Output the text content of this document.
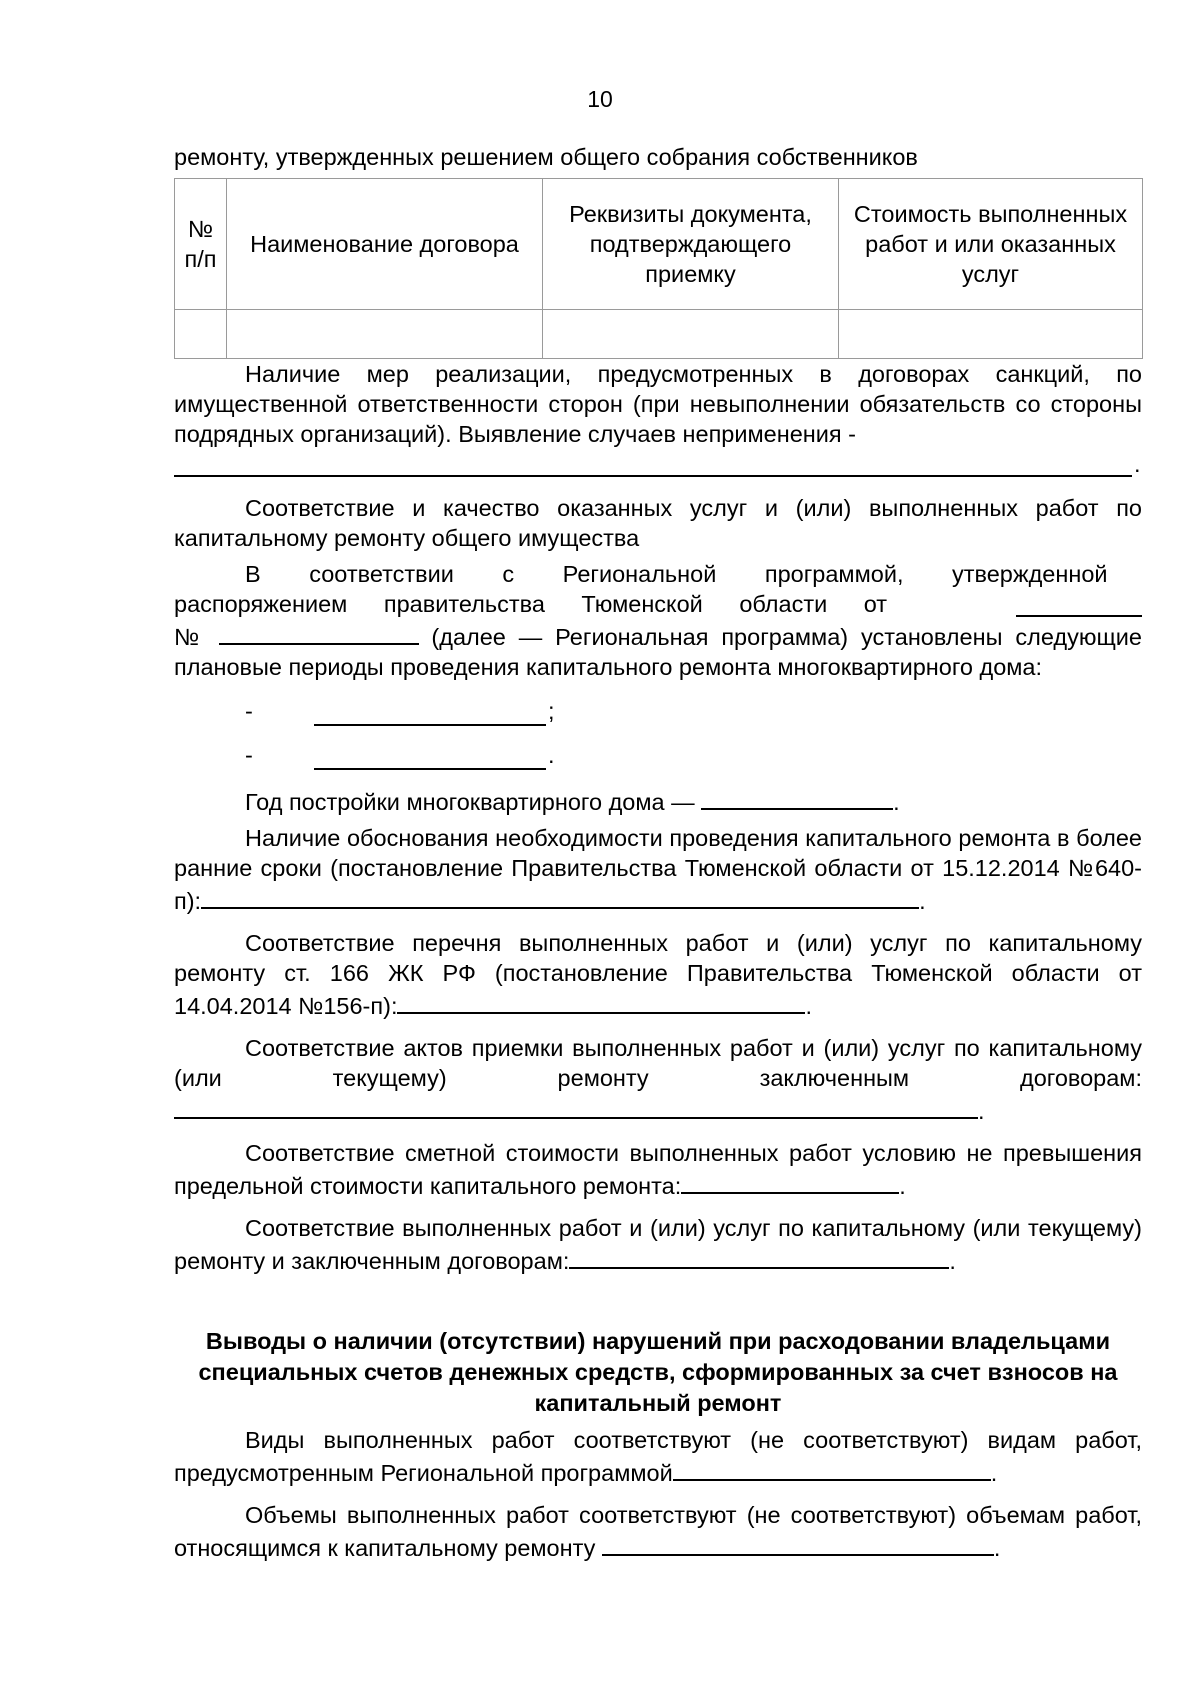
10

ремонту, утвержденных решением общего собрания собственников

№ п/п	Наименование договора	Реквизиты документа, подтверждающего приемку	Стоимость выполненных работ и или оказанных услуг

Наличие мер реализации, предусмотренных в договорах санкций, по имущественной ответственности сторон (при невыполнении обязательств со стороны подрядных организаций). Выявление случаев неприменения -

.

Соответствие и качество оказанных услуг и (или) выполненных работ по капитальному ремонту общего имущества

В соответствии с Региональной программой, утвержденной
распоряжением правительства Тюменской области от

№	(далее — Региональная программа) установлены следующие плановые периоды проведения капитального ремонта многоквартирного дома:

-	;
-	.

Год постройки многоквартирного дома —	.

Наличие обоснования необходимости проведения капитального ремонта в более ранние сроки (постановление Правительства Тюменской области от 15.12.2014 №640-п):	.

Соответствие перечня выполненных работ и (или) услуг по капитальному ремонту ст. 166 ЖК РФ (постановление Правительства Тюменской области от 14.04.2014 №156-п):	.

Соответствие актов приемки выполненных работ и (или) услуг по капитальному (или текущему) ремонту заключенным договорам:.

Соответствие сметной стоимости выполненных работ условию не превышения предельной стоимости капитального ремонта:	.

Соответствие выполненных работ и (или) услуг по капитальному (или текущему) ремонту и заключенным договорам:	.

Выводы о наличии (отсутствии) нарушений при расходовании владельцами специальных счетов денежных средств, сформированных за счет взносов на капитальный ремонт

Виды выполненных работ соответствуют (не соответствуют) видам работ, предусмотренным Региональной программой	.

Объемы выполненных работ соответствуют (не соответствуют) объемам работ, относящимся к капитальному ремонту	.
